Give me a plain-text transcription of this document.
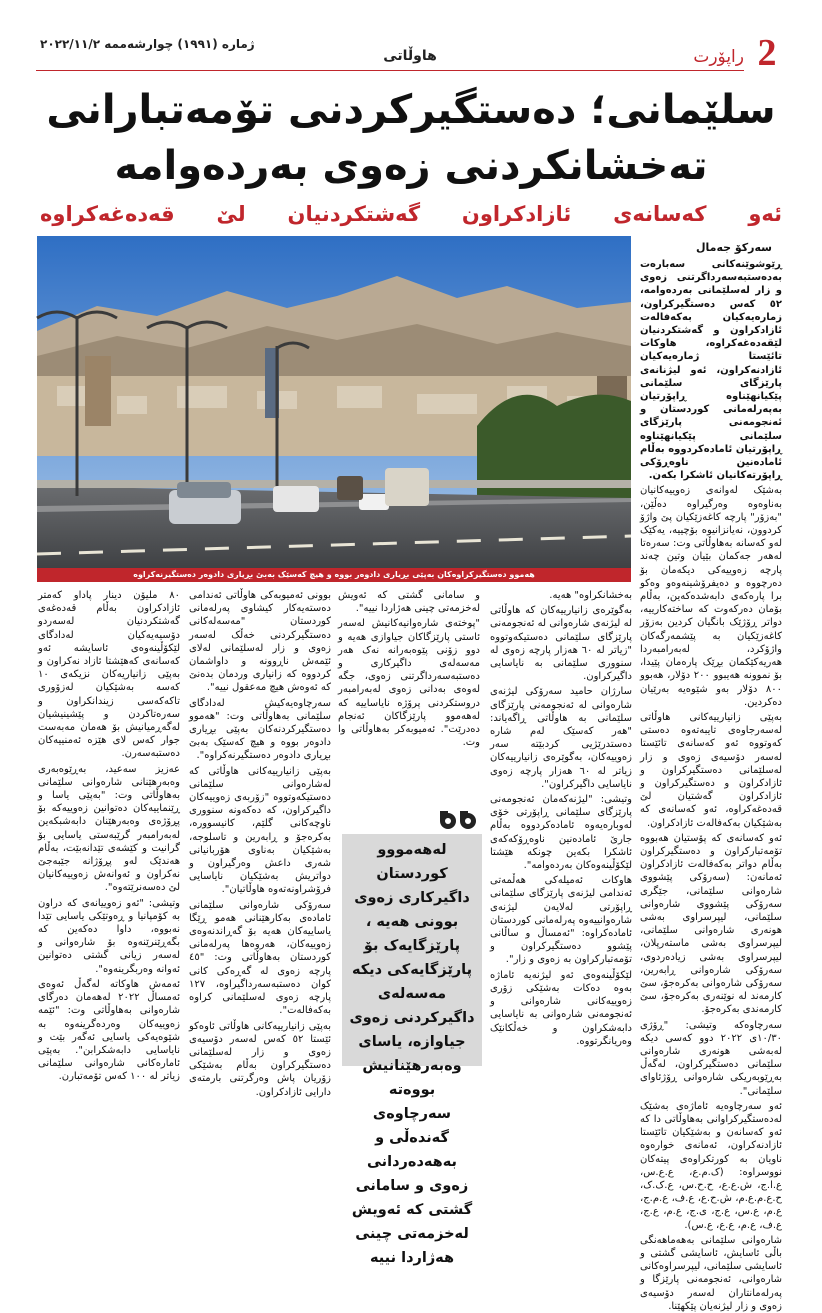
2
راپۆرت
هاوڵاتی
ژمارە (١٩٩١) چوارشەممە ٢٠٢٢/١١/٢
سلێمانی؛ دەستگیرکردنی تۆمەتبارانی
تەخشانکردنی زەوی بەردەوامە
ئەو کەسانەی ئازادکراون گەشتکردنیان لێ قەدەغەکراوە
هەموو دەستگیرکراوەکان بەپێی بڕیاری دادوەر بووە و هیچ کەسێک بەبێ بڕیاری دادوەر دەستگیرنەکراوە
سەرکۆ جەمال

ڕێوشوێنەکانی سەبارەت بەدەستبەسەرداگرتنی زەوی و زار لەسلێمانی بەردەوامە، ٥٢ کەس دەستگیرکراون، زمارەیەکیان بەکەفالەت ئازادکراون و گەشتکردنیان لێقەدەغەکراوە، هاوکات تائێستا ژمارەیەکیان ئازادنەکراون، ئەو لیژنانەی پارێزگای سلێمانی پێکیانهێناوە ڕاپۆرتیان بەپەرلەمانی کوردستان و ئەنجومەنی پارێزگای سلێمانی پێکیانهێناوە ڕاپۆرتیان ئامادەکردووە بەڵام ئامادەنین ناوەڕۆکی ڕاپۆرتەکانیان ئاشکرا بکەن.

بەشێک لەوانەی زەوییەکانیان بەناوەوە وەرگیراوە دەڵێن، "بەزۆر" پارچە کاغەزێکیان پێ واژۆ کردوون، نەیانزانیوە بۆچییە، یەکێک لەو کەسانە بەهاوڵاتی وت: سەرەتا لەهەر جەکمان بێیان وتین چەند پارچە زەوییەکی دیکەمان بۆ دەرچووە و دەیفرۆشینەوەو وەکو برا پارەکەی دابەشدەکەین، بەڵام بۆمان دەرکەوت کە ساختەکارییە، دواتر ڕۆژێک بانگیان کردین بەزۆر کاغەزێکیان بە پێشمەرگەکان واژۆکرد، لەبەرامبەردا هەریەکێکمان بڕێک پارەمان پێیدا، بۆ نموونە هەیبوو ٢٠٠ دۆلار، هەبوو ٨٠٠ دۆلار بەو شێوەیە بەرێیان دەکردین.

بەپێی زانیارییەکانی هاوڵاتی لەسەرجاوەی تایبەتەوە دەستی کەوتووە ئەو کەسانەی تائێستا لەسەر دۆسیەی زەوی و زار لەسلێمانی دەستگیرکراون و ئازادکراون و دەستگیرکراون و ئازادکراون گەشتیان لێ قەدەغەکراوە، ئەو کەسانەی کە بەشێکیان بەکەفالەت ئازادکراون.

ئەو کەسانەی کە پۆستیان هەبووە تۆمەتبارکراون و دەستگیرکراون بەڵام دواتر بەکەفالەت ئازادکراون ئەمانەن: (سەرۆکی پێشووی شارەوانی سلێمانی، جێگری سەرۆکی پێشووی شارەوانی سلێمانی، لیپرسراوی بەشی هونەری شارەوانی سلێمانی، لیپرسراوی بەشی ماستەرپلان، لیپرسراوی بەشی زیادەردوی، سەرۆکی شارەوانی ڕابەرین، سەرۆکی شارەوانی بەکرەجۆ، سێ کارمەند لە نوێنەری بەکرەجۆ، سێ کارمەندی بەکرەجۆ.

سەرچاوەکە وتیشی: "ڕۆژی ١٠/٣٠ی ٢٠٢٢ دوو کەسی دیکە لەبەشی هونەری شارەوانی سلێمانی دەستگیرکراون، لەگەڵ بەڕێوبەریکی شارەوانی ڕۆژئاوای سلێمانی".

ئەو سەرچاوەیە ئاماژەی بەشێک لەدەستگیرکراوانی بەهاوڵاتی دا کە ئەو کەسانەن و بەشێکیان تائێستا ئازادنەکراون، ئەمانەی خوارەوە ناویان بە کورتکراوەی پیتەکان نووسراوە: (ک.م.ع، ع.ع.س، ع.ا.ج، ش.ع.ع، ح.ح.س، ع.ک.ک، ح.ع.م.ع.م، ش.ح.ع، ع.ف، ع.م.ج، ع.م، ع.س، ع.ج، ی.ج، ع.م، ع.ج، ع.ف، ع.م، ع.ع، ع.س).

شارەوانی سلێمانی بەهەماهەنگی باڵی ئاسایش، ئاسایشی گشتی و ئاسایشی سلێمانی، لیپرسراوەکانی شارەوانی، ئەنجومەنی پارێزگا و پەرلەمانتاران لەسەر دۆسیەی زەوی و زار لیژنەیان پێکهێنا.

بەخشانکراوە" هەیە.

بەگوێرەی زانیارییەکان کە هاوڵاتی لە لیژنەی شارەوانی لە ئەنجومەنی پارێزگای سلێمانی دەستیکەوتووە "زیاتر لە ٦٠ هەزار پارچە زەوی لە سنووری سلێمانی بە نایاسایی داگیرکراون.

سارژان حامید سەرۆکی لیژنەی شارەوانی لە ئەنجومەنی پارێزگای سلێمانی بە هاوڵاتی ڕاگەیاند: "هەر کەسێک لەم شارە دەستدرێژیی کردبێتە سەر زەوییەکان، بەگوێرەی زانیارییەکان زیاتر لە ٦٠ هەزار پارچە زەوی نایاسایی داگیرکراون".

وتیشی: "لیژنەکەمان ئەنجومەنی پارێزگای سلێمانی ڕاپۆرتی خۆی لەوبارەیەوە ئامادەکردووە بەڵام جارێ ئامادەنین ناوەڕۆکەکەی ئاشکرا بکەین چونکە هێشتا لێکۆڵینەوەکان بەردەوامە".

هاوکات ئەمیلەکی هەڵمەتی ئەندامی لیژنەی پارێزگای سلێمانی ڕاپۆرتی لەلایەن لیژنەی شارەوانییەوە پەرلەمانی کوردستان ئامادەکراوە: "ئەمساڵ و ساڵانی پێشوو دەستگیرکراون و تۆمەتبارکراون بە زەوی و زار".

لێکۆڵینەوەی ئەو لیژنەیە ئاماژە بەوە دەکات بەشێکی زۆری زەوییەکانی شارەوانی و ئەنجومەنی شارەوانی بە نایاسایی دابەشکراون و خەڵکانێک وەریانگرتووە.

و سامانی گشتی کە ئەویش لەخزمەتی چینی هەژاردا نییە".

"پوختەی شارەوانیەکانیش لەسەر ئاستی پارێزگاکان جیاوازی هەیە و دوو زۆنی پێوەبەرانە نەک هەر مەسەلەی داگیرکاری و دەستبەسەرداگرتنی زەوی، جگە لەوەی بەدانی زەوی لەبەرامبەر دروستکردنی پرۆژە نایاساییە کە لەهەموو پارێزگاکان ئەنجام دەدرێت". ئەمیوبەکر بەهاوڵاتی وا وت.

لەهەمووو کوردستان داگیرکاری زەوی بوونی هەیە ، پارێزگایەک بۆ پارێزگایەکی دیکە مەسەلەی داگیرکردنی زەوی جیاوازە، یاسای وەبەرهێنانیش بووەتە سەرچاوەی گەندەڵی و بەهەدەردانی زەوی و سامانی گشتی کە ئەویش لەخزمەتی چینی هەژاردا نییە

بوونی ئەمیوبەکی هاوڵاتی ئەندامی دەستەیەکار کیشاوی پەرلەمانی کوردستان "مەسەلەکانی دەستگیرکردنی خەڵک لەسەر زەوی و زار لەسلێمانی لەلای ئێمەش ناڕوونە و داواشمان کردووە کە زانیاری وردمان بدەنێ کە ئەوەش هیچ مەعقول نییە".

سەرچاوەیەکیش لەدادگای سلێمانی بەهاوڵاتی وت: "هەموو دەستگیرکردنەکان بەپێی بڕیاری دادوەر بووە و هیچ کەسێک بەبێ بڕیاری دادوەر دەستگیرنەکراوە".

بەپێی زانیارییەکانی هاوڵاتی کە لەشارەوانی سلێمانی دەستیکەوتووە "زۆربەی زەوییەکان داگیرکراون، کە دەکەونە سنووری ناوچەکانی گلێم، کانیسوورە، بەکرەجۆ و ڕابەرین و تاسلوجە، بەشێکیان بەناوی هۆربانیانی شەری داعش وەرگیراون و دواتریش بەشێکیان نایاسایی فرۆشراونەتەوە هاوڵاتیان".

سەرۆکی شارەوانی سلێمانی ئامادەی بەکارهێنانی هەمو ڕێگا یاساییەکان هەیە بۆ گەڕاندنەوەی زەوییەکان، هەروەها پەرلەمانی کوردستان بەهاوڵاتی وت: "٤٥ پارچە زەوی لە گەڕەکی کانی کوان دەستبەسەرداگیراوە، ١٢٧ پارچە زەوی لەسلێمانی کراوە بەکەفالەت".

بەپێی زانیارییەکانی هاوڵاتی ئاوەکو ئێستا ٥٢ کەس لەسەر دۆسیەی زەوی و زار لەسلێمانی دەستگیرکراون بەڵام بەشێکی زۆریان پاش وەرگرتنی بارمتەی دارایی ئازادکراون.

٨٠ ملیۆن دینار پاداو کەمتر ئازادکراون بەڵام قەدەغەی گەشتکردنیان لەسەردو دۆسیەیەکیان لەدادگای لێکۆڵینەوەی ئاسایشە ئەو کەسانەی کەهێشتا ئازاد نەکراون و بەپێی زانیاریەکان نزیکەی ١٠ کەسە بەشێکیان لەزۆوری تاکەکەسی زیندانکراون و سەرەتاکردن و پێشینیشیان لەگەڕمیانیش بۆ هەمان مەبەست جوار کەس لای هێزە ئەمنییەکان دەستبەسەرن.

عەزیز سەعید، بەڕێوەبەری وەبەرهێنانی شارەوانی سلێمانی بەهاوڵاتی وت: "بەپێی یاسا و ڕێنماییەکان دەتوانین زەوییەکە بۆ پڕۆژەی وەبەرهێنان دابەشبکەین لەبەرامبەر گرێبەستی یاسایی بۆ گرانیت و کێشەی تێدانەبێت، بەڵام هەندێک لەو پڕۆژانە جێبەجێ نەکراون و ئەوانەش زەوییەکانیان لێ دەسەنرێتەوە".

وتیشی: "ئەو زەوییانەی کە دراون بە کۆمپانیا و ڕەوتێکی یاسایی تێدا نەبووە، داوا دەکەین کە بگەڕێنرێنەوە بۆ شارەوانی و لەسەر زیانی گشتی دەتوانین ئەوانە وەربگرینەوە".

ئەمەش هاوکاتە لەگەڵ ئەوەی ئەمساڵ ٢٠٢٢ لەهەمان دەرگای شارەوانی بەهاوڵاتی وت: "ئێمە زەوییەکان وەردەگرینەوە بە شێوەیەکی یاسایی ئەگەر بێت و نایاسایی دابەشکرابن". بەپێی ئامارەکانی شارەوانی سلێمانی زیاتر لە ١٠٠ کەس تۆمەتبارن.
